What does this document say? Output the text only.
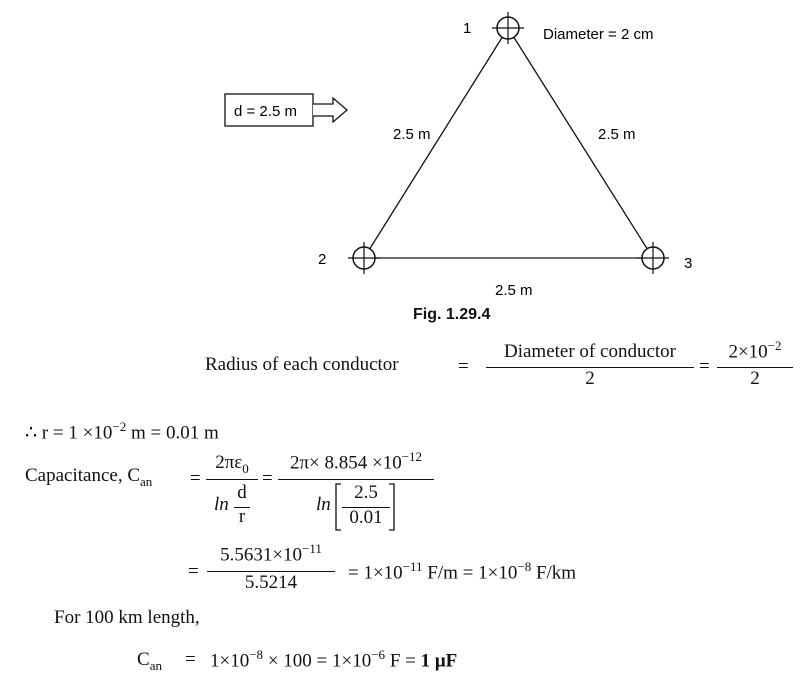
1
2	3
Diameter = 2 cm
d = 2.5 m
2.5 m	2.5 m
2.5 m
Fig. 1.29.4
Radius of each conductor	=
Diameter of conductor
2
=
$2\times 10^{-2}$
2
∴ $r = 1 \times 10^{-2}$ m = 0.01 m
Capacitance, $C_{an}$ =
$2\pi\varepsilon_0$
ln
d
r
=
$2\pi\times 8.854 \times 10^{-12}$
ln
2.5
0.01
=
$5.5631\times 10^{-11}$
5.5214	= $1\times 10^{-11}$ $F/m = 1\times 10^{-8}$ F/km
For 100 km length,
$C_{an} = 1\times 10^{-8} \times 100 = 1\times 10^{-6}$ F = 1 μF
